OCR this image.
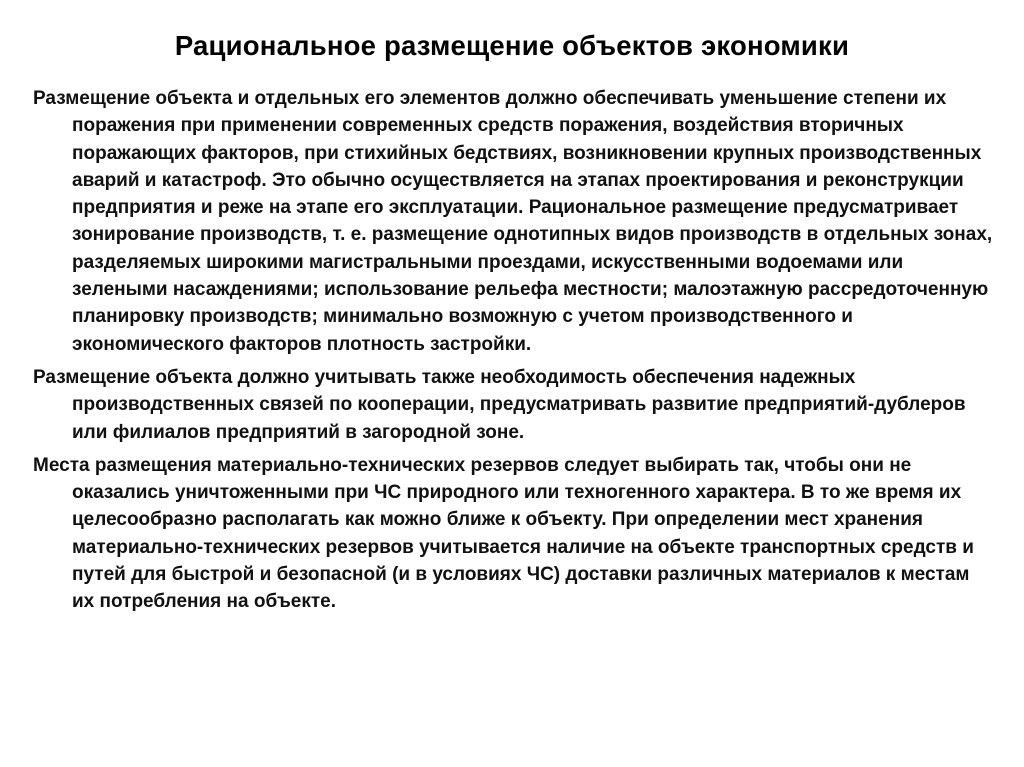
Рациональное размещение объектов экономики
Размещение объекта и отдельных его элементов должно обеспечивать уменьшение степени их поражения при применении современных средств поражения, воздействия вторичных поражающих факторов, при стихийных бедствиях, возникновении крупных производственных аварий и катастроф. Это обычно осуществляется на этапах проектирования и реконструкции предприятия и реже на этапе его эксплуатации. Рациональное размещение предусматривает зонирование производств, т. е. размещение однотипных видов производств в отдельных зонах, разделяемых широкими магистральными проездами, искусственными водоемами или зелеными насаждениями; использование рельефа местности; малоэтажную рассредоточенную планировку производств; минимально возможную с учетом производственного и экономического факторов плотность застройки.
Размещение объекта должно учитывать также необходимость обеспечения надежных производственных связей по кооперации, предусматривать развитие предприятий-дублеров или филиалов предприятий в загородной зоне.
Места размещения материально-технических резервов следует выбирать так, чтобы они не оказались уничтоженными при ЧС природного или техногенного характера. В то же время их целесообразно располагать как можно ближе к объекту. При определении мест хранения материально-технических резервов учитывается наличие на объекте транспортных средств и путей для быстрой и безопасной (и в условиях ЧС) доставки различных материалов к местам их потребления на объекте.
